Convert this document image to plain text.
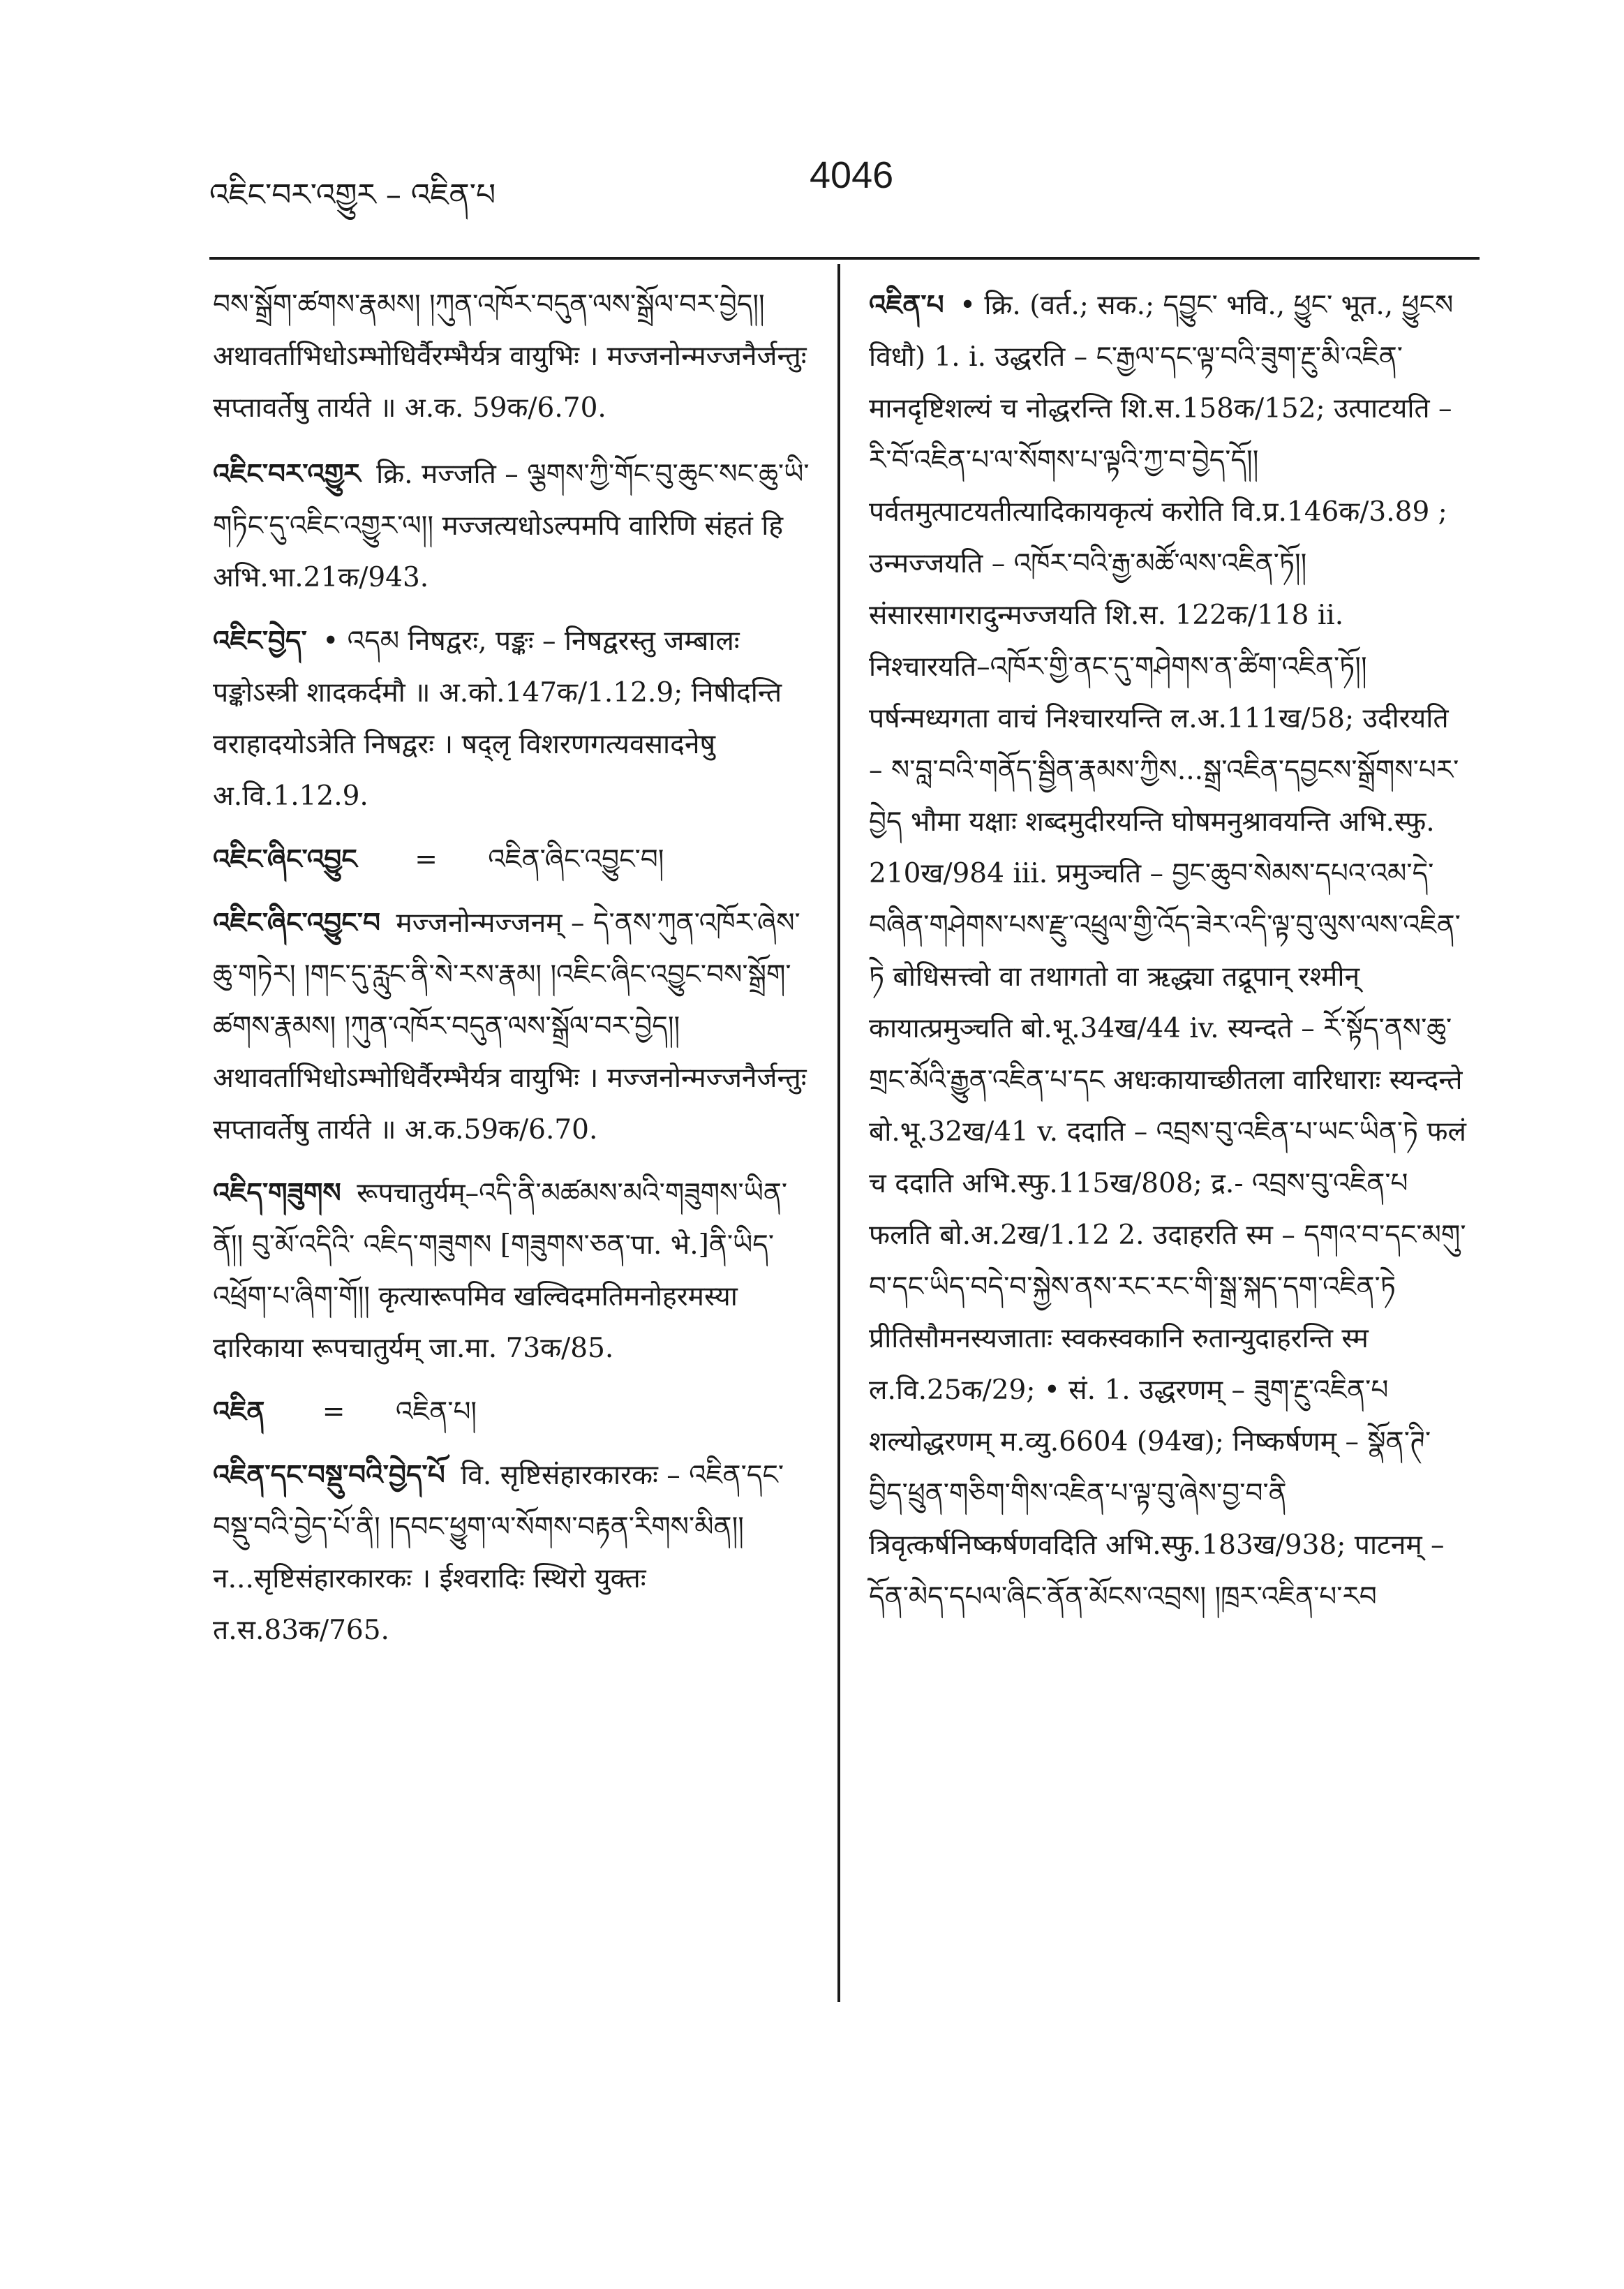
འཇིང་བར་འགྱུར – འཇིན་པ	4046
བས་སྒྲོག་ཚགས་རྣམས། །ཀུན་འཁོར་བདུན་ལས་སྒྲོལ་བར་བྱེད།། अथावर्ताभिधोऽम्भोधिर्वैरम्भैर्यत्र वायुभिः । मज्जनोन्मज्जनैर्जन्तुः सप्तावर्तेषु तार्यते ॥ अ.क. 59क/6.70.
འཇིང་བར་འགྱུར क्रि. मज्जति – ལྕགས་ཀྱི་གོང་བུ་ཆུང་སང་ཆུ་ཡི་གཏིང་དུ་འཇིང་འགྱུར་ལ།། मज्जत्यधोऽल्पमपि वारिणि संहतं हि अभि.भा.21क/943.
འཇིང་བྱེད་ • འདམ निषद्वरः, पङ्कः – निषद्वरस्तु जम्बालः पङ्कोऽस्त्री शादकर्दमौ ॥ अ.को.147क/1.12.9; निषीदन्ति वराहादयोऽत्रेति निषद्वरः । षद्लृ विशरणगत्यवसादनेषु अ.वि.1.12.9.
འཇིང་ཞིང་འབྱུང = འཇིན་ཞིང་འབྱུང་བ།
འཇིང་ཞིང་འབྱུང་བ मज्जनोन्मज्जनम् – དེ་ནས་ཀུན་འཁོར་ཞེས་ཆུ་གཏེར། །གང་དུ་རླུང་ནི་སེ་རས་རྣམ། །འཇིང་ཞིང་འབྱུང་བས་སྒྲོག་ཚགས་རྣམས། །ཀུན་འཁོར་བདུན་ལས་སྒྲོལ་བར་བྱེད།། अथावर्ताभिधोऽम्भोधिर्वैरम्भैर्यत्र वायुभिः । मज्जनोन्मज्जनैर्जन्तुः सप्तावर्तेषु तार्यते ॥ अ.क.59क/6.70.
འཇིད་གཟུགས रूपचातुर्यम्–འདི་ནི་མཚམས་མའི་གཟུགས་ཡིན་ནོ།། བུ་མོ་འདིའི་ འཇིད་གཟུགས [གཟུགས་ཅན་पा. भे.]ནི་ཡིད་འཕྲོག་པ་ཞིག་གོ།། कृत्यारूपमिव खल्विदमतिमनोहरमस्या दारिकाया रूपचातुर्यम् जा.मा. 73क/85.
འཇིན = འཇིན་པ།
འཇིན་དང་བསྡུ་བའི་བྱེད་པོ वि. सृष्टिसंहारकारकः – འཇིན་དང་བསྡུ་བའི་བྱེད་པོ་ནི། །དབང་ཕྱུག་ལ་སོགས་བརྟན་རིགས་མིན།། न...सृष्टिसंहारकारकः । ईश्वरादिः स्थिरो युक्तः त.स.83क/765.
འཇིན་པ • क्रि. (वर्त.; सक.; དབྱུང་ भवि., ཕྱུང་ भूत., ཕྱུངས विधौ) 1. i. उद्धरति – ང་རྒྱལ་དང་ལྟ་བའི་ཟུག་རྔུ་མི་འཇིན་ मानदृष्टिशल्यं च नोद्धरन्ति शि.स.158क/152; उत्पाटयति – རི་བོ་འཇིན་པ་ལ་སོགས་པ་ལྟའི་ཀྱ་བ་བྱེད་དོ།། पर्वतमुत्पाटयतीत्यादिकायकृत्यं करोति वि.प्र.146क/3.89 ; उन्मज्जयति – འཁོར་བའི་རྒྱ་མཚོ་ལས་འཇིན་ཏོ།། संसारसागरादुन्मज्जयति शि.स. 122क/118 ii. निश्चारयति–འཁོར་གྱི་ནང་དུ་གཤེགས་ན་ཚིག་འཇིན་ཏོ།། पर्षन्मध्यगता वाचं निश्चारयन्ति ल.अ.111ख/58; उदीरयति – ས་བླ་བའི་གནོད་སྦྱིན་རྣམས་ཀྱིས...སྒྲ་འཇིན་དབྱངས་སྒྲོགས་པར་བྱེད भौमा यक्षाः शब्दमुदीरयन्ति घोषमनुश्रावयन्ति अभि.स्फु. 210ख/984 iii. प्रमुञ्चति – བྱང་ཆུབ་སེམས་དཔའ་འམ་དེ་བཞིན་གཤེགས་པས་རྫུ་འཕྲུལ་གྱི་འོད་ཟེར་འདི་ལྟ་བུ་ལུས་ལས་འཇིན་ཏེ बोधिसत्त्वो वा तथागतो वा ऋद्ध्या तद्रूपान् रश्मीन् कायात्प्रमुञ्चति बो.भू.34ख/44 iv. स्यन्दते – རོ་སྟོད་ནས་ཆུ་གྲང་མོའི་རྒྱུན་འཇིན་པ་དང अधःकायाच्छीतला वारिधाराः स्यन्दन्ते बो.भू.32ख/41 v. ददाति – འབྲས་བུ་འཇིན་པ་ཡང་ཡིན་ཏེ फलं च ददाति अभि.स्फु.115ख/808; द्र.- འབྲས་བུ་འཇིན་པ फलति बो.अ.2ख/1.12 2. उदाहरति स्म – དགའ་བ་དང་མགུ་བ་དང་ཡིད་བདེ་བ་སྐྱེས་ནས་རང་རང་གི་སྒྲ་སྐད་དག་འཇིན་ཏེ प्रीतिसौमनस्यजाताः स्वकस्वकानि रुतान्युदाहरन्ति स्म ल.वि.25क/29; • सं. 1. उद्धरणम् – ཟུག་རྔུ་འཇིན་པ शल्योद्धरणम् म.व्यु.6604 (94ख); निष्कर्षणम् – སྣོན་ཊི་བྱིད་ཕྲུན་གཅིག་གིས་འཇིན་པ་ལྟ་བུ་ཞེས་བྱ་བ་ནི त्रिवृत्कर्षनिष्कर्षणवदिति अभि.स्फु.183ख/938; पाटनम् – དོན་མེད་དཔལ་ཞིང་ནོན་མོངས་འབྲས། །ཁྲར་འཇིན་པ་རབ
